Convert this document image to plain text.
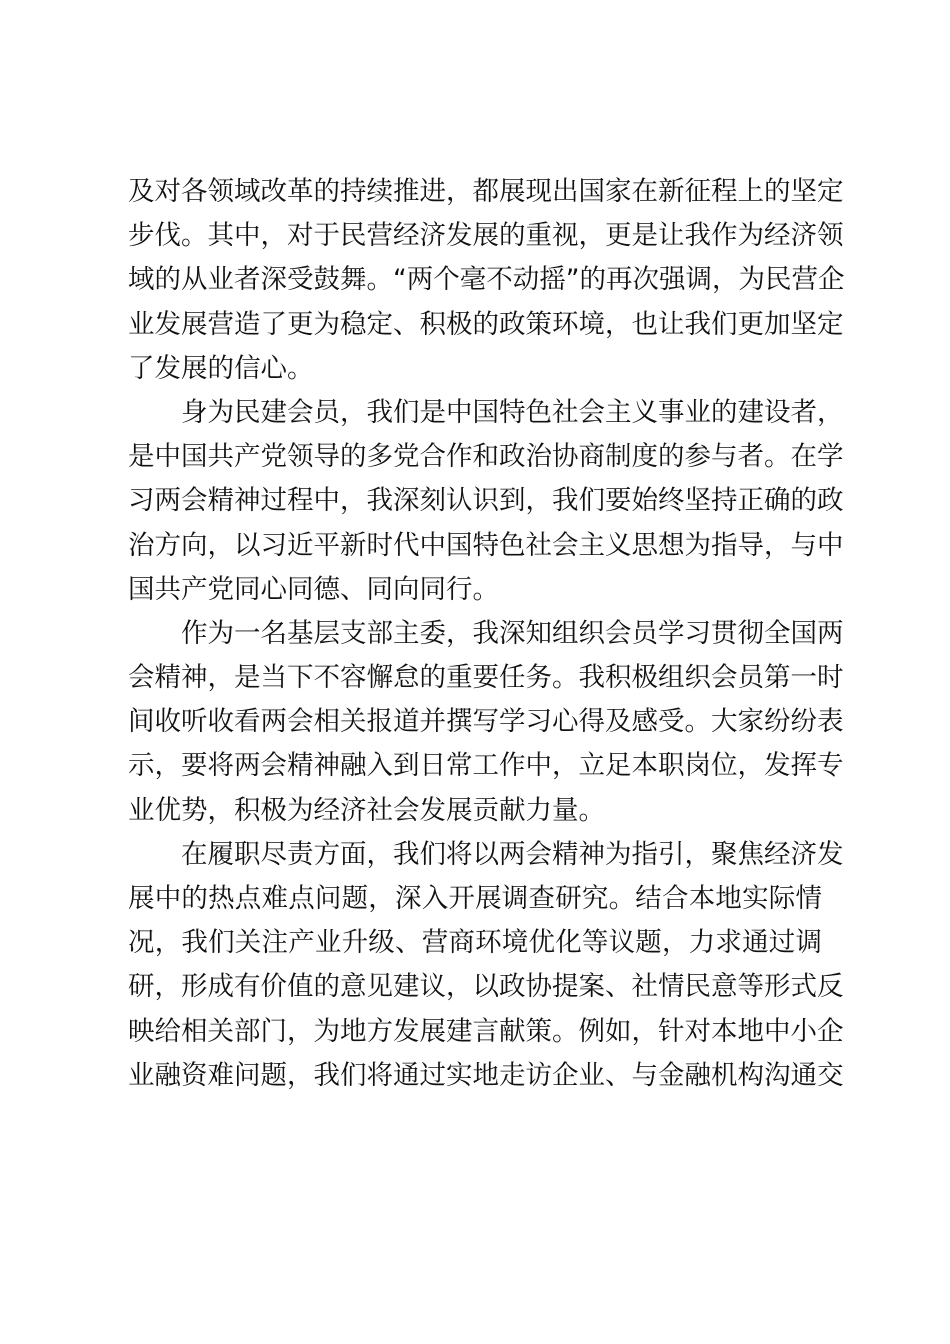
及对各领域改革的持续推进，都展现出国家在新征程上的坚定
步伐。其中，对于民营经济发展的重视，更是让我作为经济领
域的从业者深受鼓舞。“两个毫不动摇”的再次强调，为民营企
业发展营造了更为稳定、积极的政策环境，也让我们更加坚定
了发展的信心。
身为民建会员，我们是中国特色社会主义事业的建设者，
是中国共产党领导的多党合作和政治协商制度的参与者。在学
习两会精神过程中，我深刻认识到，我们要始终坚持正确的政
治方向，以习近平新时代中国特色社会主义思想为指导，与中
国共产党同心同德、同向同行。
作为一名基层支部主委，我深知组织会员学习贯彻全国两
会精神，是当下不容懈怠的重要任务。我积极组织会员第一时
间收听收看两会相关报道并撰写学习心得及感受。大家纷纷表
示，要将两会精神融入到日常工作中，立足本职岗位，发挥专
业优势，积极为经济社会发展贡献力量。
在履职尽责方面，我们将以两会精神为指引，聚焦经济发
展中的热点难点问题，深入开展调查研究。结合本地实际情
况，我们关注产业升级、营商环境优化等议题，力求通过调
研，形成有价值的意见建议，以政协提案、社情民意等形式反
映给相关部门，为地方发展建言献策。例如，针对本地中小企
业融资难问题，我们将通过实地走访企业、与金融机构沟通交
